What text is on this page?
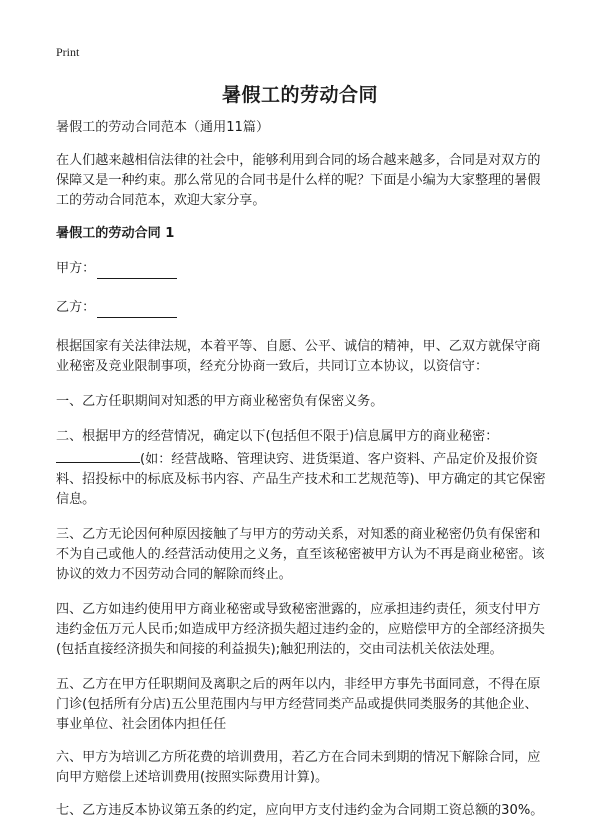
Print
暑假工的劳动合同

暑假工的劳动合同范本（通用11篇）

在人们越来越相信法律的社会中，能够利用到合同的场合越来越多，合同是对双方的保障又是一种约束。那么常见的合同书是什么样的呢？下面是小编为大家整理的暑假工的劳动合同范本，欢迎大家分享。

暑假工的劳动合同 1

甲方：

乙方：

根据国家有关法律法规，本着平等、自愿、公平、诚信的精神，甲、乙双方就保守商业秘密及竞业限制事项，经充分协商一致后，共同订立本协议，以资信守：

一、乙方任职期间对知悉的甲方商业秘密负有保密义务。

二、根据甲方的经营情况，确定以下(包括但不限于)信息属甲方的商业秘密：
(如：经营战略、管理诀窍、进货渠道、客户资料、产品定价及报价资料、招投标中的标底及标书内容、产品生产技术和工艺规范等)、甲方确定的其它保密信息。

三、乙方无论因何种原因接触了与甲方的劳动关系，对知悉的商业秘密仍负有保密和不为自己或他人的.经营活动使用之义务，直至该秘密被甲方认为不再是商业秘密。该协议的效力不因劳动合同的解除而终止。

四、乙方如违约使用甲方商业秘密或导致秘密泄露的，应承担违约责任，须支付甲方违约金伍万元人民币;如造成甲方经济损失超过违约金的，应赔偿甲方的全部经济损失(包括直接经济损失和间接的利益损失);触犯刑法的，交由司法机关依法处理。

五、乙方在甲方任职期间及离职之后的两年以内，非经甲方事先书面同意，不得在原门诊(包括所有分店)五公里范围内与甲方经营同类产品或提供同类服务的其他企业、事业单位、社会团体内担任任

六、甲方为培训乙方所花费的培训费用，若乙方在合同未到期的情况下解除合同，应向甲方赔偿上述培训费用(按照实际费用计算)。

七、乙方违反本协议第五条的约定，应向甲方支付违约金为合同期工资总额的30%。
